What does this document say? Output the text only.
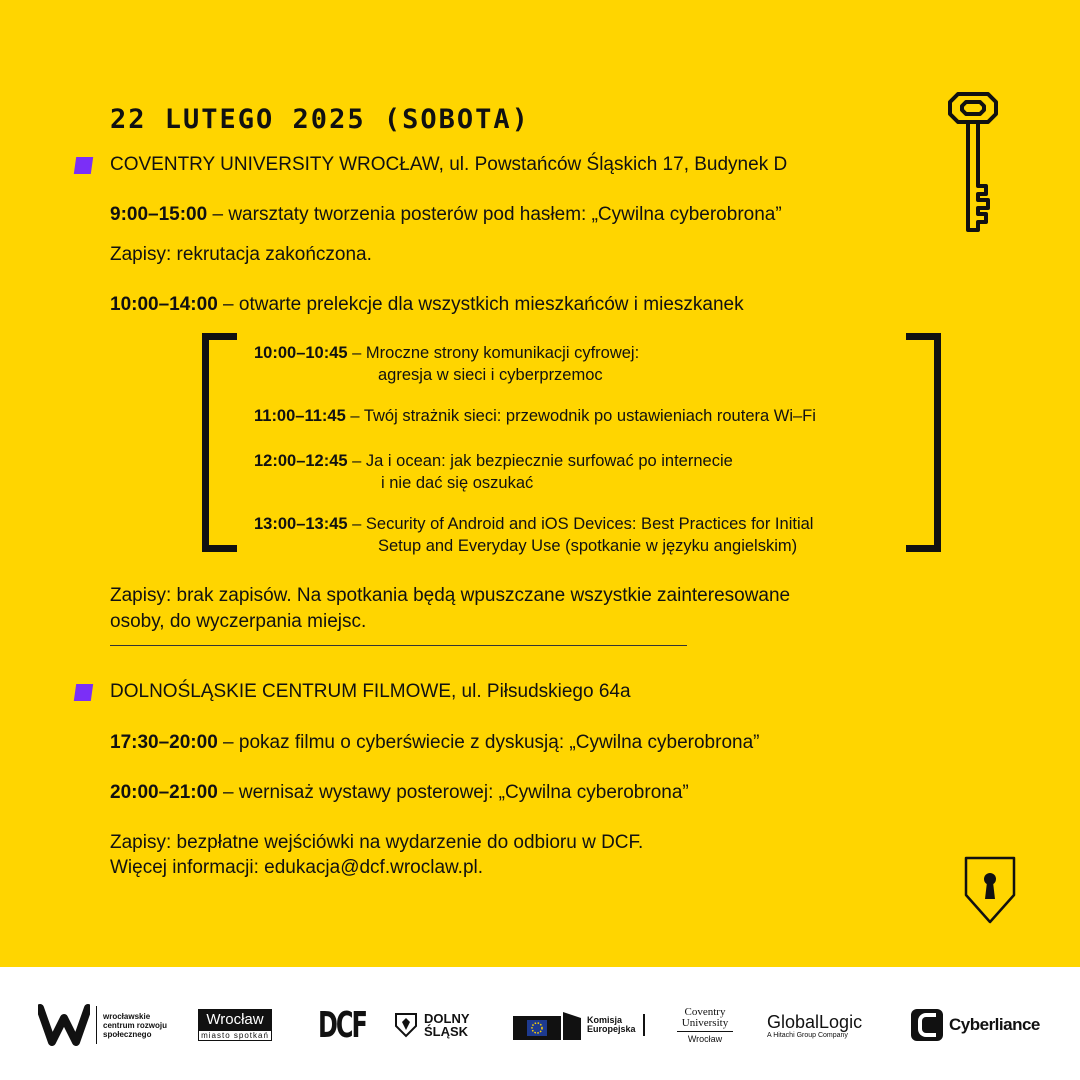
22 LUTEGO 2025 (SOBOTA)
COVENTRY UNIVERSITY WROCŁAW, ul. Powstańców Śląskich 17, Budynek D
9:00–15:00 – warsztaty tworzenia posterów pod hasłem: „Cywilna cyberobrona”
Zapisy: rekrutacja zakończona.
10:00–14:00 – otwarte prelekcje dla wszystkich mieszkańców i mieszkanek
10:00–10:45 – Mroczne strony komunikacji cyfrowej:
agresja w sieci i cyberprzemoc
11:00–11:45 – Twój strażnik sieci: przewodnik po ustawieniach routera Wi–Fi
12:00–12:45 – Ja i ocean: jak bezpiecznie surfować po internecie
i nie dać się oszukać
13:00–13:45 – Security of Android and iOS Devices: Best Practices for Initial
Setup and Everyday Use (spotkanie w języku angielskim)
Zapisy: brak zapisów. Na spotkania będą wpuszczane wszystkie zainteresowane
osoby, do wyczerpania miejsc.
DOLNOŚLĄSKIE CENTRUM FILMOWE, ul. Piłsudskiego 64a
17:30–20:00 – pokaz filmu o cyberświecie z dyskusją: „Cywilna cyberobrona”
20:00–21:00 – wernisaż wystawy posterowej: „Cywilna cyberobrona”
Zapisy: bezpłatne wejściówki na wydarzenie do odbioru w DCF.
Więcej informacji: edukacja@dcf.wroclaw.pl.
wrocławskie centrum rozwoju społecznego
Wrocław
miasto spotkań DCF	DOLNY ŚLĄSK
Komisja Europejska
Coventry University
Wrocław
GlobalLogic
A Hitachi Group Company
Cyberliance
